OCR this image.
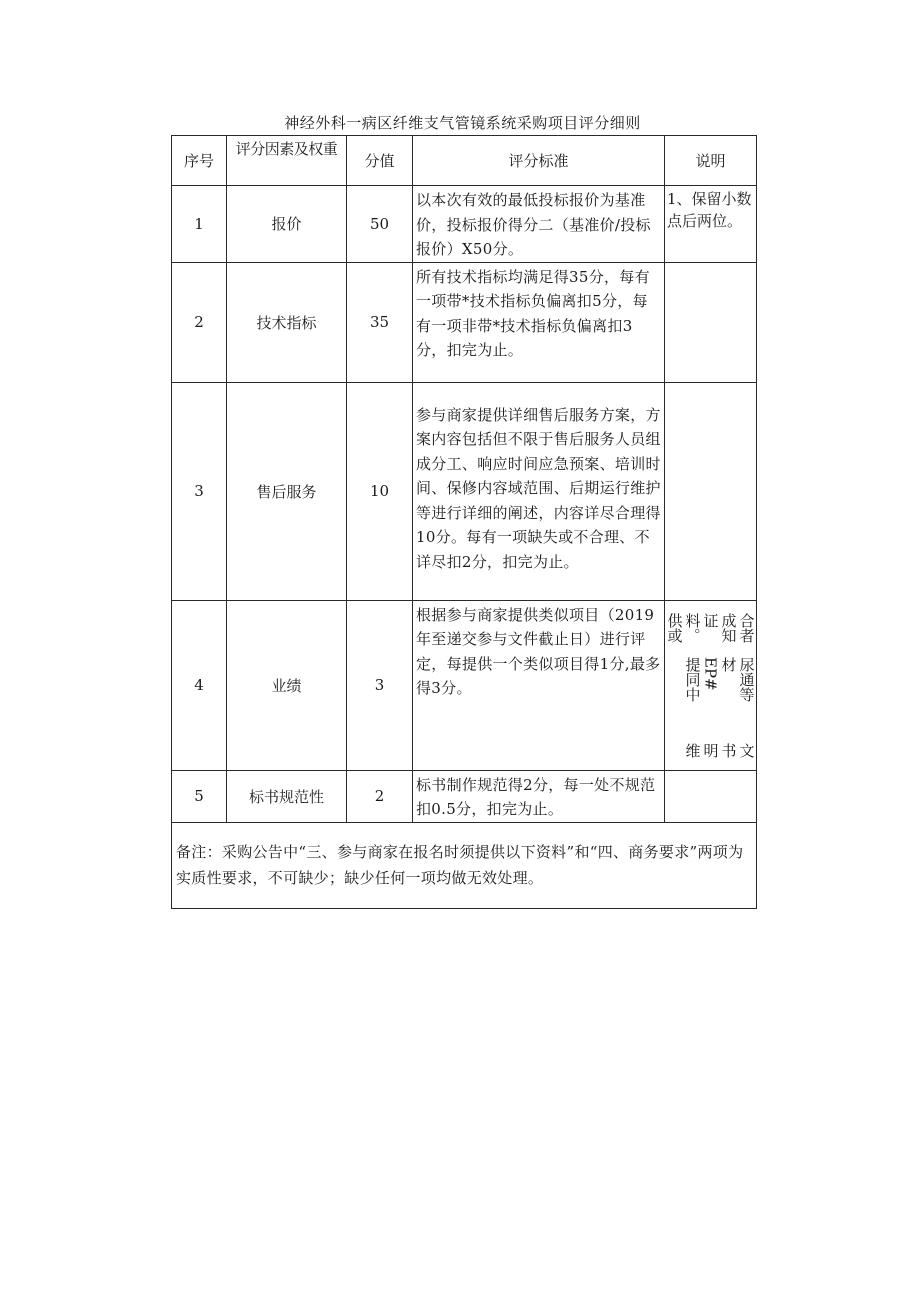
神经外科一病区纤维支气管镜系统采购项目评分细则
序号	评分因素及权重	分值	评分标准	说明
1	报价	50	以本次有效的最低投标报价为基准价，投标报价得分二（基准价/投标报价）X50分。	1、保留小数点后两位。
2	技术指标	35	所有技术指标均满足得35分，每有一项带*技术指标负偏离扣5分，每有一项非带*技术指标负偏离扣3分，扣完为止。	
3	售后服务	10	参与商家提供详细售后服务方案，方案内容包括但不限于售后服务人员组成分工、响应时间应急预案、培训时间、保修内容域范围、后期运行维护等进行详细的阐述，内容详尽合理得10分。每有一项缺失或不合理、不详尽扣2分，扣完为止。	
4	业绩	3	根据参与商家提供类似项目（2019年至递交参与文件截止日）进行评定，每提供一个类似项目得1分,最多得3分。	合者成知证料。供或
尿通等材EP#提同中
文书明维

5	标书规范性	2	标书制作规范得2分，每一处不规范扣0.5分，扣完为止。	
备注：采购公告中“三、参与商家在报名时须提供以下资料”和“四、商务要求”两项为实质性要求，不可缺少；缺少任何一项均做无效处理。				
